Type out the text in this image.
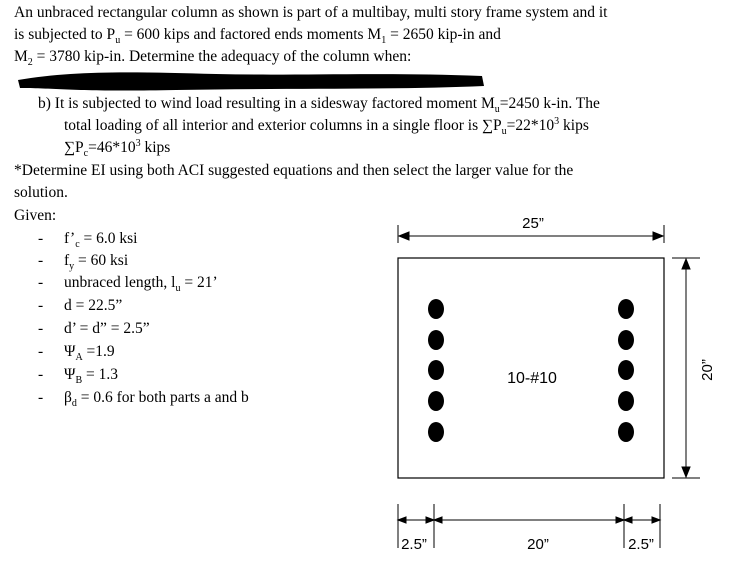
An unbraced rectangular column as shown is part of a multibay, multi story frame system and it
is subjected to $P_u = 600$ kips and factored ends moments $M_1 = 2650$ kip-in and
$M_2 = 3780$ kip-in. Determine the adequacy of the column when:
b) It is subjected to wind load resulting in a sidesway factored moment $M_u=2450$ k-in. The
total loading of all interior and exterior columns in a single floor is $\sum P_u=22*10^3$ kips
$\sum P_c=46*10^3$ kips
*Determine EI using both ACI suggested equations and then select the larger value for the
solution.
Given:
- $f’_c = 6.0$ ksi
- $f_y = 60$ ksi
- unbraced length, $l_u = 21$’
- d = 22.5”
- d’ = d” = 2.5”
- $\Psi_A =1.9$
- $\Psi_B = 1.3$
- $\beta_d = 0.6$ for both parts a and b
25”
20”
10-#10
2.5”	20”	2.5”
